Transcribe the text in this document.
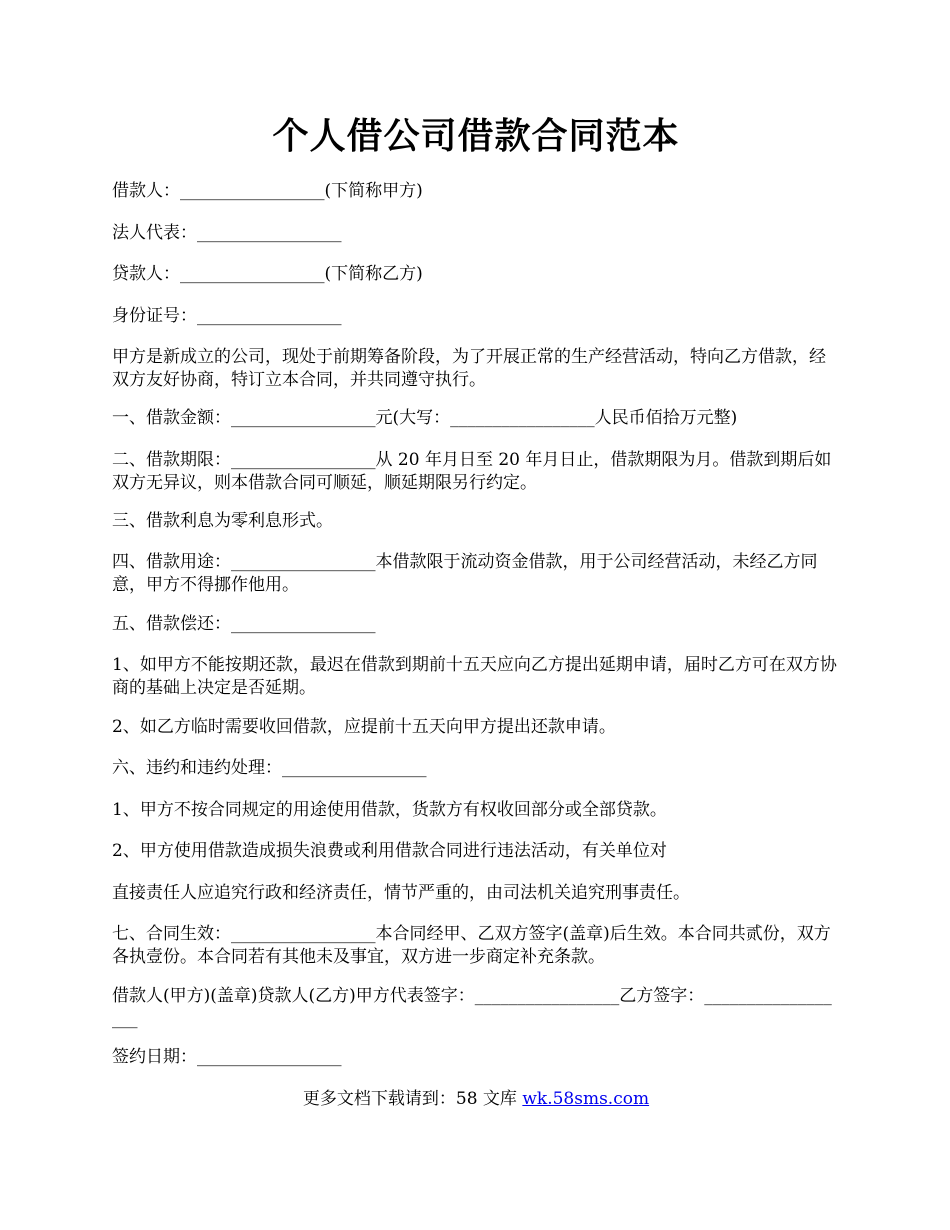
个人借公司借款合同范本

借款人：_________________(下简称甲方)

法人代表：_________________

贷款人：_________________(下简称乙方)

身份证号：_________________

甲方是新成立的公司，现处于前期筹备阶段，为了开展正常的生产经营活动，特向乙方借款，经双方友好协商，特订立本合同，并共同遵守执行。

一、借款金额：_________________元(大写：_________________人民币佰拾万元整)

二、借款期限：_________________从 20 年月日至 20 年月日止，借款期限为月。借款到期后如双方无异议，则本借款合同可顺延，顺延期限另行约定。

三、借款利息为零利息形式。

四、借款用途：_________________本借款限于流动资金借款，用于公司经营活动，未经乙方同意，甲方不得挪作他用。

五、借款偿还：_________________

1、如甲方不能按期还款，最迟在借款到期前十五天应向乙方提出延期申请，届时乙方可在双方协商的基础上决定是否延期。

2、如乙方临时需要收回借款，应提前十五天向甲方提出还款申请。

六、违约和违约处理：_________________

1、甲方不按合同规定的用途使用借款，货款方有权收回部分或全部贷款。

2、甲方使用借款造成损失浪费或利用借款合同进行违法活动，有关单位对

直接责任人应追究行政和经济责任，情节严重的，由司法机关追究刑事责任。

七、合同生效：_________________本合同经甲、乙双方签字(盖章)后生效。本合同共贰份，双方各执壹份。本合同若有其他未及事宜，双方进一步商定补充条款。

借款人(甲方)(盖章)贷款人(乙方)甲方代表签字：_________________乙方签字：__________________

签约日期：_________________

更多文档下载请到：58 文库 wk.58sms.com
